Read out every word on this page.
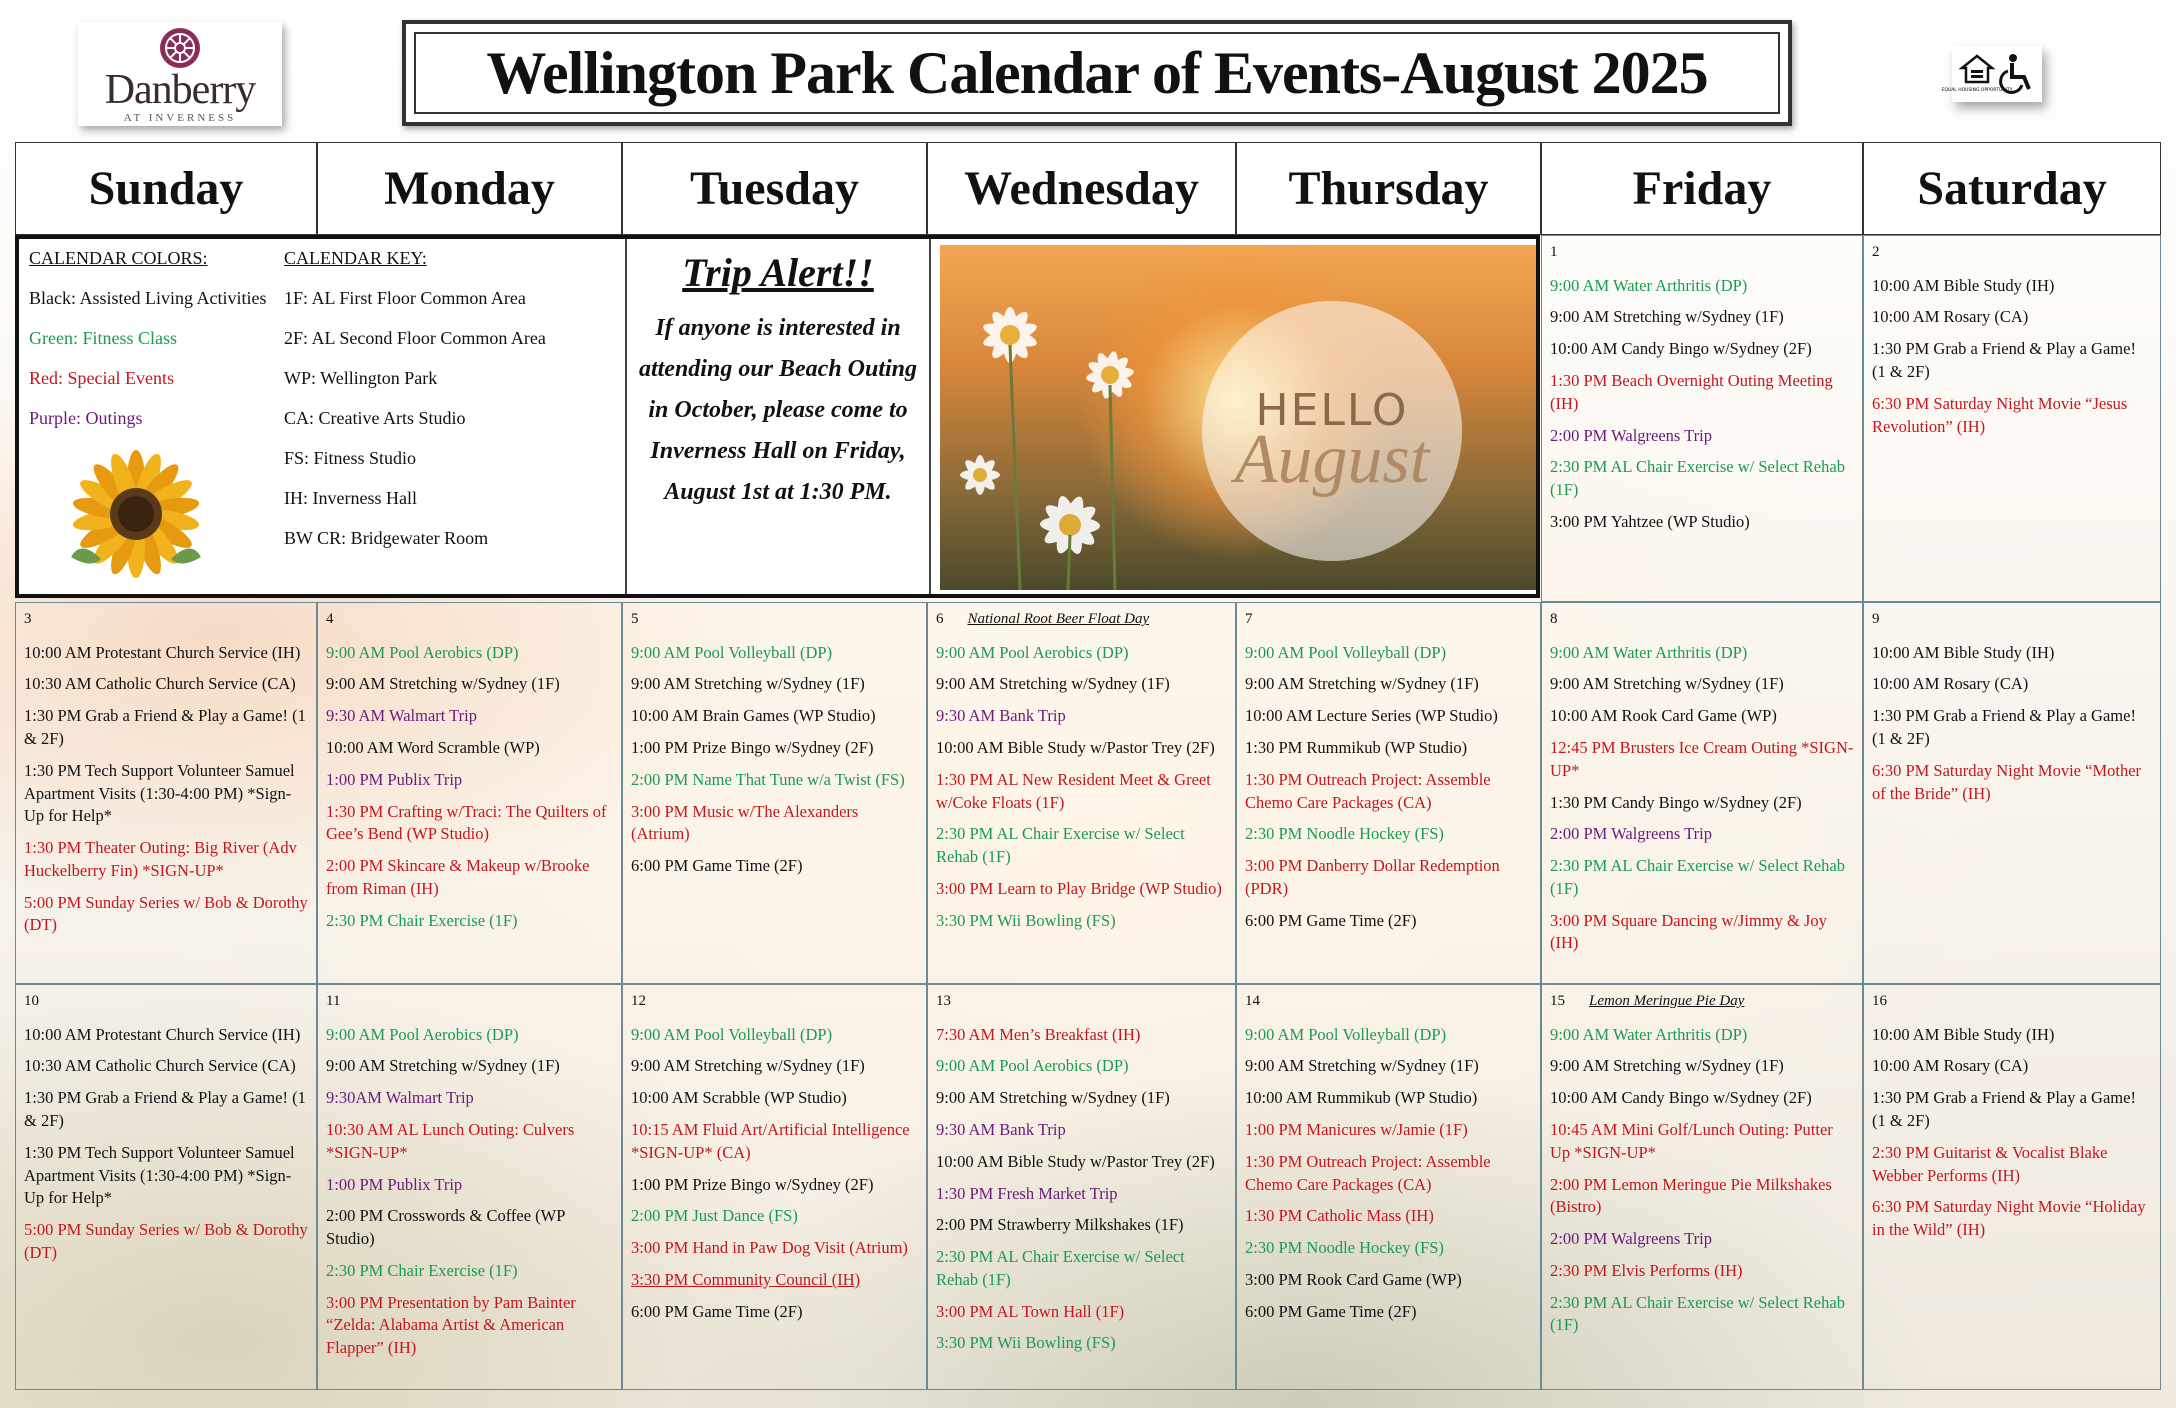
Danberry
AT INVERNESS
Wellington Park Calendar of Events-August 2025	EQUAL HOUSING OPPORTUNITY
CALENDAR COLORS:
Black: Assisted Living Activities
Green: Fitness Class
Red: Special Events
Purple: Outings
CALENDAR KEY:
1F: AL First Floor Common Area
2F: AL Second Floor Common Area
WP: Wellington Park
CA: Creative Arts Studio
FS: Fitness Studio
IH: Inverness Hall
BW CR: Bridgewater Room
Trip Alert!!
If anyone is interested in attending our Beach Outing in October, please come to Inverness Hall on Friday, August 1st at 1:30 PM.
HELLO
August
Sunday	Monday	Tuesday	Wednesday	Thursday	Friday	Saturday
1
9:00 AM Water Arthritis (DP)
9:00 AM Stretching w/Sydney (1F)
10:00 AM Candy Bingo w/Sydney (2F)
1:30 PM Beach Overnight Outing Meeting (IH)
2:00 PM Walgreens Trip
2:30 PM AL Chair Exercise w/ Select Rehab (1F)
3:00 PM Yahtzee (WP Studio)
2
10:00 AM Bible Study (IH)
10:00 AM Rosary (CA)
1:30 PM Grab a Friend & Play a Game! (1 & 2F)
6:30 PM Saturday Night Movie “Jesus Revolution” (IH)
3
10:00 AM Protestant Church Service (IH)
10:30 AM Catholic Church Service (CA)
1:30 PM Grab a Friend & Play a Game! (1 & 2F)
1:30 PM Tech Support Volunteer Samuel Apartment Visits (1:30-4:00 PM) *Sign-Up for Help*
1:30 PM Theater Outing: Big River (Adv Huckelberry Fin) *SIGN-UP*
5:00 PM Sunday Series w/ Bob & Dorothy (DT)
4
9:00 AM Pool Aerobics (DP)
9:00 AM Stretching w/Sydney (1F)
9:30 AM Walmart Trip
10:00 AM Word Scramble (WP)
1:00 PM Publix Trip
1:30 PM Crafting w/Traci: The Quilters of Gee’s Bend (WP Studio)
2:00 PM Skincare & Makeup w/Brooke from Riman (IH)
2:30 PM Chair Exercise (1F)
5
9:00 AM Pool Volleyball (DP)
9:00 AM Stretching w/Sydney (1F)
10:00 AM Brain Games (WP Studio)
1:00 PM Prize Bingo w/Sydney (2F)
2:00 PM Name That Tune w/a Twist (FS)
3:00 PM Music w/The Alexanders (Atrium)
6:00 PM Game Time (2F)
6 National Root Beer Float Day
9:00 AM Pool Aerobics (DP)
9:00 AM Stretching w/Sydney (1F)
9:30 AM Bank Trip
10:00 AM Bible Study w/Pastor Trey (2F)
1:30 PM AL New Resident Meet & Greet w/Coke Floats (1F)
2:30 PM AL Chair Exercise w/ Select Rehab (1F)
3:00 PM Learn to Play Bridge (WP Studio)
3:30 PM Wii Bowling (FS)
7
9:00 AM Pool Volleyball (DP)
9:00 AM Stretching w/Sydney (1F)
10:00 AM Lecture Series (WP Studio)
1:30 PM Rummikub (WP Studio)
1:30 PM Outreach Project: Assemble Chemo Care Packages (CA)
2:30 PM Noodle Hockey (FS)
3:00 PM Danberry Dollar Redemption (PDR)
6:00 PM Game Time (2F)
8
9:00 AM Water Arthritis (DP)
9:00 AM Stretching w/Sydney (1F)
10:00 AM Rook Card Game (WP)
12:45 PM Brusters Ice Cream Outing *SIGN-UP*
1:30 PM Candy Bingo w/Sydney (2F)
2:00 PM Walgreens Trip
2:30 PM AL Chair Exercise w/ Select Rehab (1F)
3:00 PM Square Dancing w/Jimmy & Joy (IH)
9
10:00 AM Bible Study (IH)
10:00 AM Rosary (CA)
1:30 PM Grab a Friend & Play a Game! (1 & 2F)
6:30 PM Saturday Night Movie “Mother of the Bride” (IH)
10
10:00 AM Protestant Church Service (IH)
10:30 AM Catholic Church Service (CA)
1:30 PM Grab a Friend & Play a Game! (1 & 2F)
1:30 PM Tech Support Volunteer Samuel Apartment Visits (1:30-4:00 PM) *Sign-Up for Help*
5:00 PM Sunday Series w/ Bob & Dorothy (DT)
11
9:00 AM Pool Aerobics (DP)
9:00 AM Stretching w/Sydney (1F)
9:30AM Walmart Trip
10:30 AM AL Lunch Outing: Culvers *SIGN-UP*
1:00 PM Publix Trip
2:00 PM Crosswords & Coffee (WP Studio)
2:30 PM Chair Exercise (1F)
3:00 PM Presentation by Pam Bainter “Zelda: Alabama Artist & American Flapper” (IH)
12
9:00 AM Pool Volleyball (DP)
9:00 AM Stretching w/Sydney (1F)
10:00 AM Scrabble (WP Studio)
10:15 AM Fluid Art/Artificial Intelligence *SIGN-UP* (CA)
1:00 PM Prize Bingo w/Sydney (2F)
2:00 PM Just Dance (FS)
3:00 PM Hand in Paw Dog Visit (Atrium)
3:30 PM Community Council (IH)
6:00 PM Game Time (2F)
13
7:30 AM Men’s Breakfast (IH)
9:00 AM Pool Aerobics (DP)
9:00 AM Stretching w/Sydney (1F)
9:30 AM Bank Trip
10:00 AM Bible Study w/Pastor Trey (2F)
1:30 PM Fresh Market Trip
2:00 PM Strawberry Milkshakes (1F)
2:30 PM AL Chair Exercise w/ Select Rehab (1F)
3:00 PM AL Town Hall (1F)
3:30 PM Wii Bowling (FS)
14
9:00 AM Pool Volleyball (DP)
9:00 AM Stretching w/Sydney (1F)
10:00 AM Rummikub (WP Studio)
1:00 PM Manicures w/Jamie (1F)
1:30 PM Outreach Project: Assemble Chemo Care Packages (CA)
1:30 PM Catholic Mass (IH)
2:30 PM Noodle Hockey (FS)
3:00 PM Rook Card Game (WP)
6:00 PM Game Time (2F)
15 Lemon Meringue Pie Day
9:00 AM Water Arthritis (DP)
9:00 AM Stretching w/Sydney (1F)
10:00 AM Candy Bingo w/Sydney (2F)
10:45 AM Mini Golf/Lunch Outing: Putter Up *SIGN-UP*
2:00 PM Lemon Meringue Pie Milkshakes (Bistro)
2:00 PM Walgreens Trip
2:30 PM Elvis Performs (IH)
2:30 PM AL Chair Exercise w/ Select Rehab (1F)
16
10:00 AM Bible Study (IH)
10:00 AM Rosary (CA)
1:30 PM Grab a Friend & Play a Game! (1 & 2F)
2:30 PM Guitarist & Vocalist Blake Webber Performs (IH)
6:30 PM Saturday Night Movie “Holiday in the Wild” (IH)
